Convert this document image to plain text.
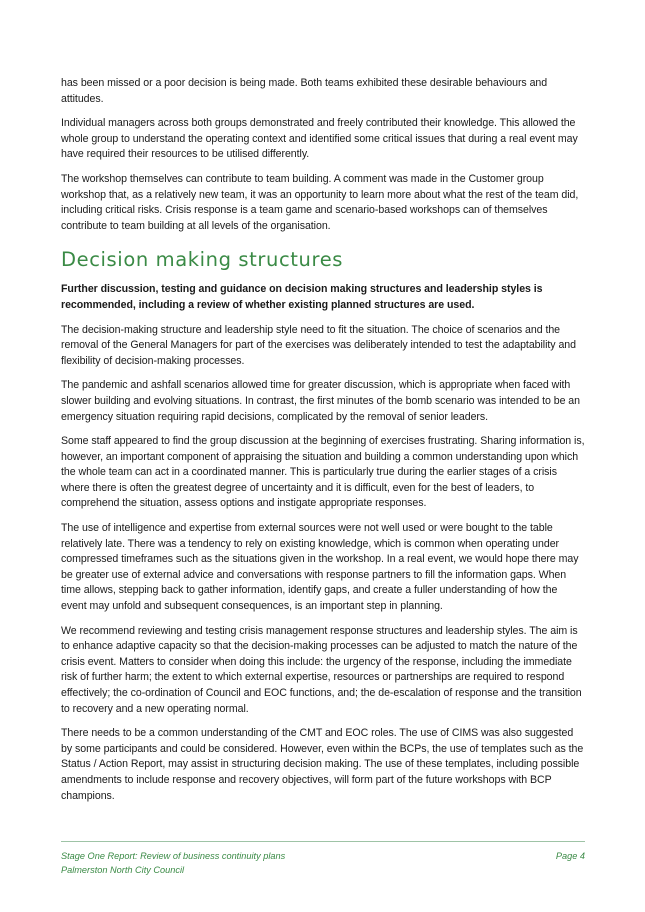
has been missed or a poor decision is being made. Both teams exhibited these desirable behaviours and attitudes.

Individual managers across both groups demonstrated and freely contributed their knowledge. This allowed the whole group to understand the operating context and identified some critical issues that during a real event may have required their resources to be utilised differently.

The workshop themselves can contribute to team building. A comment was made in the Customer group workshop that, as a relatively new team, it was an opportunity to learn more about what the rest of the team did, including critical risks. Crisis response is a team game and scenario-based workshops can of themselves contribute to team building at all levels of the organisation.

Decision making structures

Further discussion, testing and guidance on decision making structures and leadership styles is recommended, including a review of whether existing planned structures are used.

The decision-making structure and leadership style need to fit the situation. The choice of scenarios and the removal of the General Managers for part of the exercises was deliberately intended to test the adaptability and flexibility of decision-making processes.

The pandemic and ashfall scenarios allowed time for greater discussion, which is appropriate when faced with slower building and evolving situations. In contrast, the first minutes of the bomb scenario was intended to be an emergency situation requiring rapid decisions, complicated by the removal of senior leaders.

Some staff appeared to find the group discussion at the beginning of exercises frustrating. Sharing information is, however, an important component of appraising the situation and building a common understanding upon which the whole team can act in a coordinated manner. This is particularly true during the earlier stages of a crisis where there is often the greatest degree of uncertainty and it is difficult, even for the best of leaders, to comprehend the situation, assess options and instigate appropriate responses.

The use of intelligence and expertise from external sources were not well used or were bought to the table relatively late. There was a tendency to rely on existing knowledge, which is common when operating under compressed timeframes such as the situations given in the workshop. In a real event, we would hope there may be greater use of external advice and conversations with response partners to fill the information gaps. When time allows, stepping back to gather information, identify gaps, and create a fuller understanding of how the event may unfold and subsequent consequences, is an important step in planning.

We recommend reviewing and testing crisis management response structures and leadership styles. The aim is to enhance adaptive capacity so that the decision-making processes can be adjusted to match the nature of the crisis event. Matters to consider when doing this include: the urgency of the response, including the immediate risk of further harm; the extent to which external expertise, resources or partnerships are required to respond effectively; the co-ordination of Council and EOC functions, and; the de-escalation of response and the transition to recovery and a new operating normal.

There needs to be a common understanding of the CMT and EOC roles. The use of CIMS was also suggested by some participants and could be considered. However, even within the BCPs, the use of templates such as the Status / Action Report, may assist in structuring decision making. The use of these templates, including possible amendments to include response and recovery objectives, will form part of the future workshops with BCP champions.

Stage One Report: Review of business continuity plans
Palmerston North City Council
Page 4
